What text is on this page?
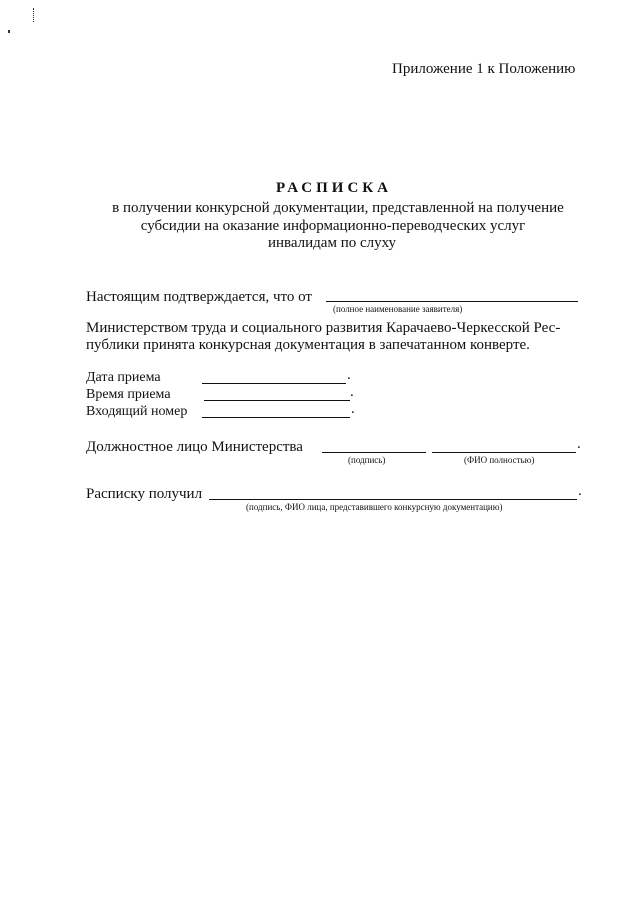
Приложение 1 к Положению
РАСПИСКА
в получении конкурсной документации, представленной на получение
субсидии на оказание информационно-переводческих услуг
инвалидам по слуху
Настоящим подтверждается, что от
(полное наименование заявителя)
Министерством труда и социального развития Карачаево-Черкесской Рес-
публики принята конкурсная документация в запечатанном конверте.
Дата приема	.
Время приема	.
Входящий номер	.
Должностное лицо Министерства	.
(подпись)	(ФИО полностью)
Расписку получил	.
(подпись, ФИО лица, представившего конкурсную документацию)
